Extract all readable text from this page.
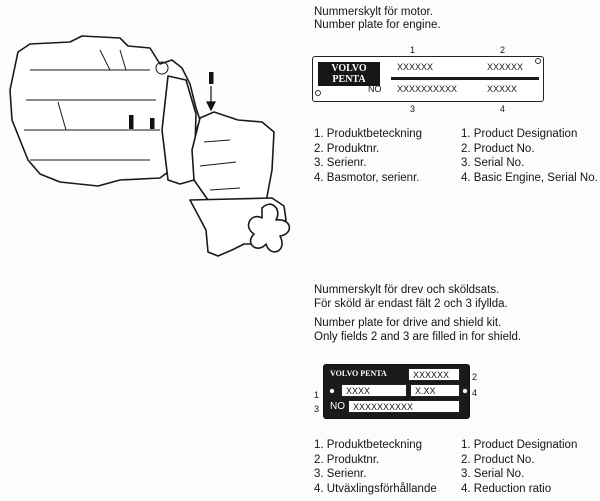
Nummerskylt för motor.
Number plate for engine.
1	2
VOLVO
PENTA
NO
XXXXXX	XXXXXX
XXXXXXXXXX	XXXXX
3	4
1. Produktbeteckning
2. Produktnr.
3. Serienr.
4. Basmotor, serienr.
1. Product Designation
2. Product No.
3. Serial No.
4. Basic Engine, Serial No.
Nummerskylt för drev och sköldsats.
För sköld är endast fält 2 och 3 ifyllda.
Number plate for drive and shield kit.
Only fields 2 and 3 are filled in for shield.
1
2
3
4
VOLVO PENTA	XXXXXX
XXXX	X.XX
NO XXXXXXXXXX
1. Produktbeteckning
2. Produktnr.
3. Serienr.
4. Utväxlingsförhållande
1. Product Designation
2. Product No.
3. Serial No.
4. Reduction ratio
